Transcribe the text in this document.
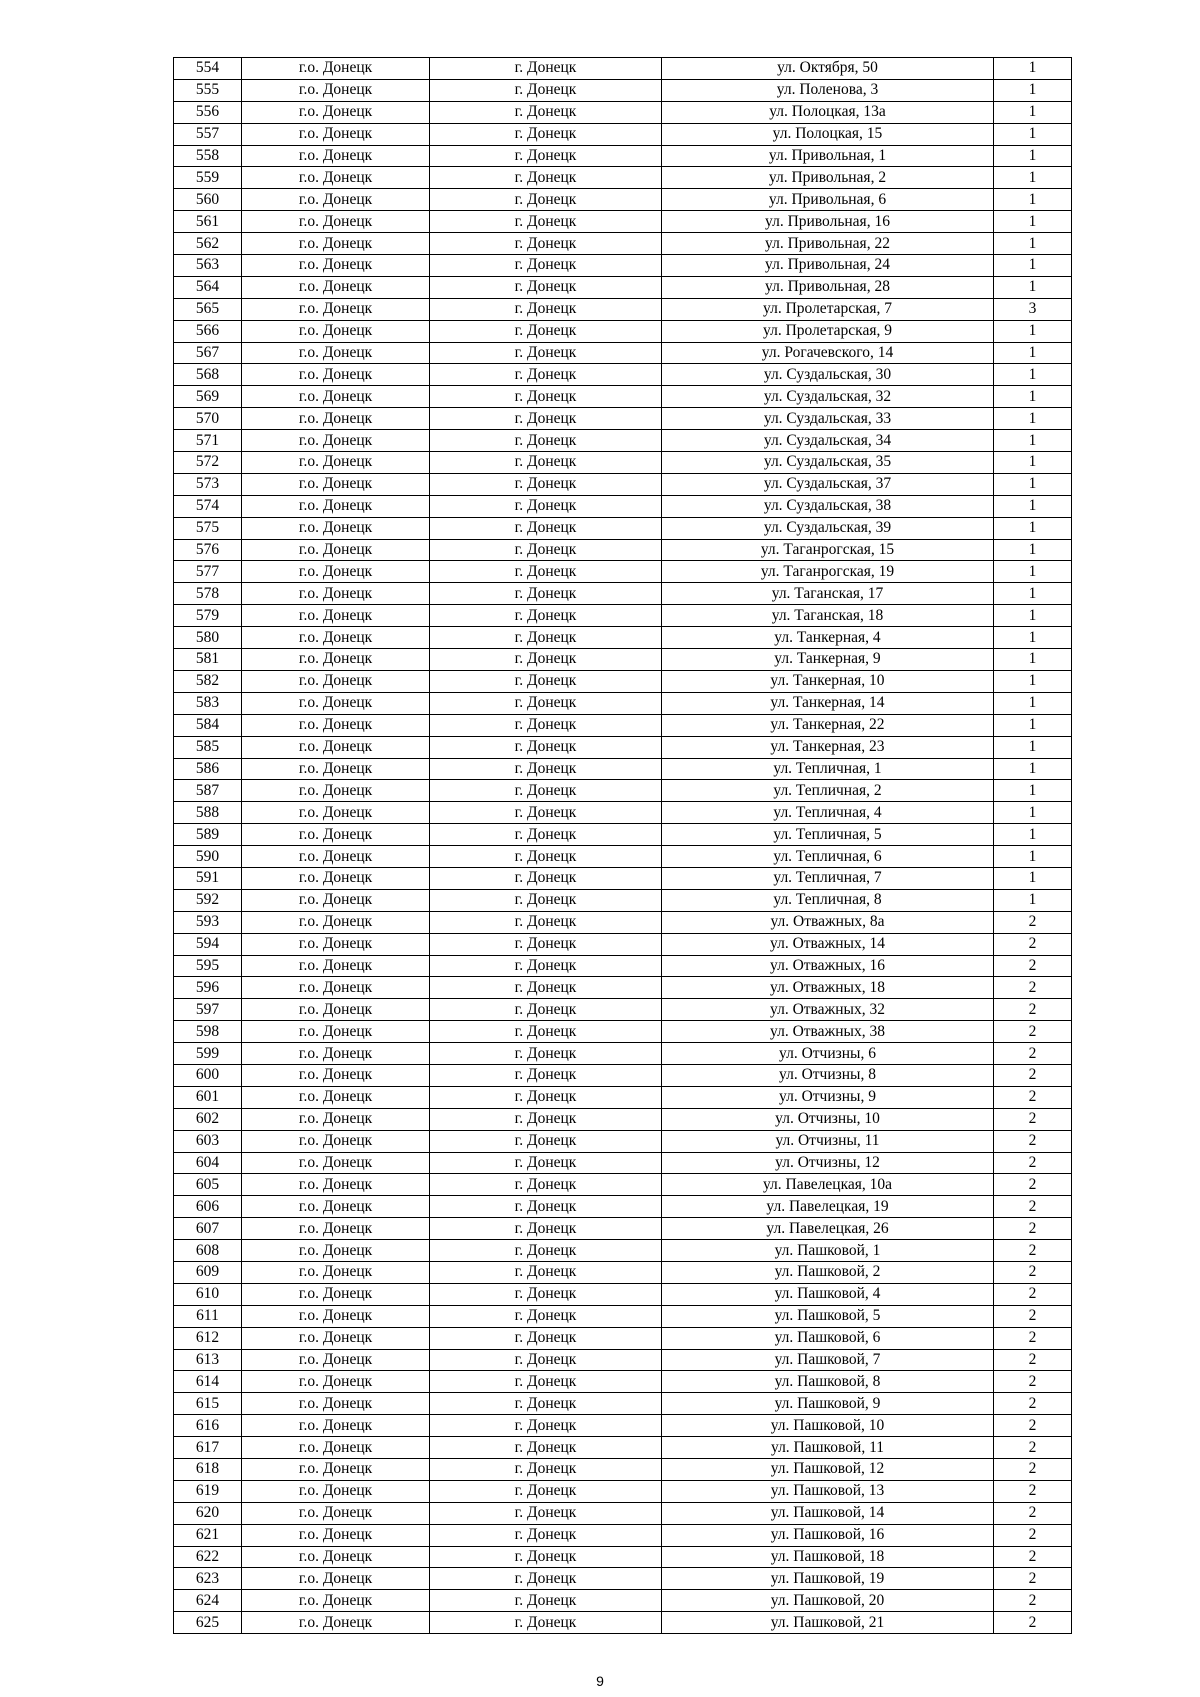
554	г.о. Донецк	г. Донецк	ул. Октября, 50	1
555	г.о. Донецк	г. Донецк	ул. Поленова, 3	1
556	г.о. Донецк	г. Донецк	ул. Полоцкая, 13а	1
557	г.о. Донецк	г. Донецк	ул. Полоцкая, 15	1
558	г.о. Донецк	г. Донецк	ул. Привольная, 1	1
559	г.о. Донецк	г. Донецк	ул. Привольная, 2	1
560	г.о. Донецк	г. Донецк	ул. Привольная, 6	1
561	г.о. Донецк	г. Донецк	ул. Привольная, 16	1
562	г.о. Донецк	г. Донецк	ул. Привольная, 22	1
563	г.о. Донецк	г. Донецк	ул. Привольная, 24	1
564	г.о. Донецк	г. Донецк	ул. Привольная, 28	1
565	г.о. Донецк	г. Донецк	ул. Пролетарская, 7	3
566	г.о. Донецк	г. Донецк	ул. Пролетарская, 9	1
567	г.о. Донецк	г. Донецк	ул. Рогачевского, 14	1
568	г.о. Донецк	г. Донецк	ул. Суздальская, 30	1
569	г.о. Донецк	г. Донецк	ул. Суздальская, 32	1
570	г.о. Донецк	г. Донецк	ул. Суздальская, 33	1
571	г.о. Донецк	г. Донецк	ул. Суздальская, 34	1
572	г.о. Донецк	г. Донецк	ул. Суздальская, 35	1
573	г.о. Донецк	г. Донецк	ул. Суздальская, 37	1
574	г.о. Донецк	г. Донецк	ул. Суздальская, 38	1
575	г.о. Донецк	г. Донецк	ул. Суздальская, 39	1
576	г.о. Донецк	г. Донецк	ул. Таганрогская, 15	1
577	г.о. Донецк	г. Донецк	ул. Таганрогская, 19	1
578	г.о. Донецк	г. Донецк	ул. Таганская, 17	1
579	г.о. Донецк	г. Донецк	ул. Таганская, 18	1
580	г.о. Донецк	г. Донецк	ул. Танкерная, 4	1
581	г.о. Донецк	г. Донецк	ул. Танкерная, 9	1
582	г.о. Донецк	г. Донецк	ул. Танкерная, 10	1
583	г.о. Донецк	г. Донецк	ул. Танкерная, 14	1
584	г.о. Донецк	г. Донецк	ул. Танкерная, 22	1
585	г.о. Донецк	г. Донецк	ул. Танкерная, 23	1
586	г.о. Донецк	г. Донецк	ул. Тепличная, 1	1
587	г.о. Донецк	г. Донецк	ул. Тепличная, 2	1
588	г.о. Донецк	г. Донецк	ул. Тепличная, 4	1
589	г.о. Донецк	г. Донецк	ул. Тепличная, 5	1
590	г.о. Донецк	г. Донецк	ул. Тепличная, 6	1
591	г.о. Донецк	г. Донецк	ул. Тепличная, 7	1
592	г.о. Донецк	г. Донецк	ул. Тепличная, 8	1
593	г.о. Донецк	г. Донецк	ул. Отважных, 8а	2
594	г.о. Донецк	г. Донецк	ул. Отважных, 14	2
595	г.о. Донецк	г. Донецк	ул. Отважных, 16	2
596	г.о. Донецк	г. Донецк	ул. Отважных, 18	2
597	г.о. Донецк	г. Донецк	ул. Отважных, 32	2
598	г.о. Донецк	г. Донецк	ул. Отважных, 38	2
599	г.о. Донецк	г. Донецк	ул. Отчизны, 6	2
600	г.о. Донецк	г. Донецк	ул. Отчизны, 8	2
601	г.о. Донецк	г. Донецк	ул. Отчизны, 9	2
602	г.о. Донецк	г. Донецк	ул. Отчизны, 10	2
603	г.о. Донецк	г. Донецк	ул. Отчизны, 11	2
604	г.о. Донецк	г. Донецк	ул. Отчизны, 12	2
605	г.о. Донецк	г. Донецк	ул. Павелецкая, 10а	2
606	г.о. Донецк	г. Донецк	ул. Павелецкая, 19	2
607	г.о. Донецк	г. Донецк	ул. Павелецкая, 26	2
608	г.о. Донецк	г. Донецк	ул. Пашковой, 1	2
609	г.о. Донецк	г. Донецк	ул. Пашковой, 2	2
610	г.о. Донецк	г. Донецк	ул. Пашковой, 4	2
611	г.о. Донецк	г. Донецк	ул. Пашковой, 5	2
612	г.о. Донецк	г. Донецк	ул. Пашковой, 6	2
613	г.о. Донецк	г. Донецк	ул. Пашковой, 7	2
614	г.о. Донецк	г. Донецк	ул. Пашковой, 8	2
615	г.о. Донецк	г. Донецк	ул. Пашковой, 9	2
616	г.о. Донецк	г. Донецк	ул. Пашковой, 10	2
617	г.о. Донецк	г. Донецк	ул. Пашковой, 11	2
618	г.о. Донецк	г. Донецк	ул. Пашковой, 12	2
619	г.о. Донецк	г. Донецк	ул. Пашковой, 13	2
620	г.о. Донецк	г. Донецк	ул. Пашковой, 14	2
621	г.о. Донецк	г. Донецк	ул. Пашковой, 16	2
622	г.о. Донецк	г. Донецк	ул. Пашковой, 18	2
623	г.о. Донецк	г. Донецк	ул. Пашковой, 19	2
624	г.о. Донецк	г. Донецк	ул. Пашковой, 20	2
625	г.о. Донецк	г. Донецк	ул. Пашковой, 21	2
9
